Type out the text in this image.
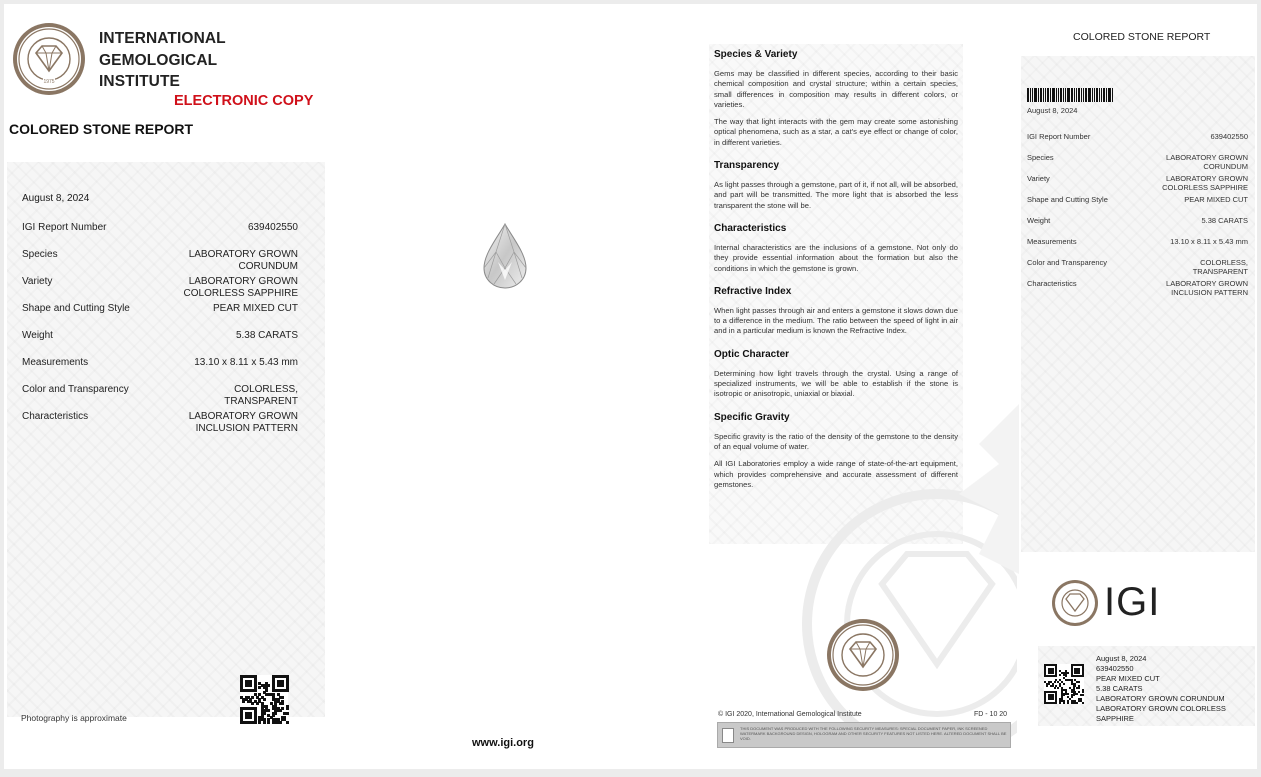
1975
INTERNATIONAL
GEMOLOGICAL
INSTITUTE
ELECTRONIC COPY
COLORED STONE REPORT
August 8, 2024
IGI Report Number	639402550
Species	LABORATORY GROWN
CORUNDUM
Variety	LABORATORY GROWN
COLORLESS SAPPHIRE
Shape and Cutting Style	PEAR MIXED CUT
Weight	5.38 CARATS
Measurements	13.10 x 8.11 x 5.43 mm
Color and Transparency	COLORLESS,
TRANSPARENT
Characteristics	LABORATORY GROWN
INCLUSION PATTERN
Photography is approximate
www.igi.org
Species & Variety

Gems may be classified in different species, according to their basic chemical composition and crystal structure; within a certain species, small differences in composition may results in different colors, or varieties.

The way that light interacts with the gem may create some astonishing optical phenomena, such as a star, a cat's eye effect or change of color, in different varieties.

Transparency

As light passes through a gemstone, part of it, if not all, will be absorbed, and part will be transmitted. The more light that is absorbed the less transparent the stone will be.

Characteristics

Internal characteristics are the inclusions of a gemstone. Not only do they provide essential information about the formation but also the conditions in which the gemstone is grown.

Refractive Index

When light passes through air and enters a gemstone it slows down due to a difference in the medium. The ratio between the speed of light in air and in a particular medium is known the Refractive Index.

Optic Character

Determining how light travels through the crystal. Using a range of specialized instruments, we will be able to establish if the stone is isotropic or anisotropic, uniaxial or biaxial.

Specific Gravity

Specific gravity is the ratio of the density of the gemstone to the density of an equal volume of water.

All IGI Laboratories employ a wide range of state-of-the-art equipment, which provides comprehensive and accurate assessment of different gemstones.

© IGI 2020, International Gemological Institute	FD - 10 20
THIS DOCUMENT WAS PRODUCED WITH THE FOLLOWING SECURITY MEASURES: SPECIAL DOCUMENT PAPER, INK SCREENED WATERMARK BACKGROUND DESIGN, HOLOGRAM AND OTHER SECURITY FEATURES NOT LISTED HERE. ALTERED DOCUMENT SHALL BE VOID.
COLORED STONE REPORT
August 8, 2024
IGI Report Number	639402550
Species	LABORATORY GROWN
CORUNDUM
Variety	LABORATORY GROWN
COLORLESS SAPPHIRE
Shape and Cutting Style	PEAR MIXED CUT
Weight	5.38 CARATS
Measurements	13.10 x 8.11 x 5.43 mm
Color and Transparency	COLORLESS,
TRANSPARENT
Characteristics	LABORATORY GROWN
INCLUSION PATTERN
IGI
August 8, 2024
639402550
PEAR MIXED CUT
5.38 CARATS
LABORATORY GROWN CORUNDUM
LABORATORY GROWN COLORLESS
SAPPHIRE
